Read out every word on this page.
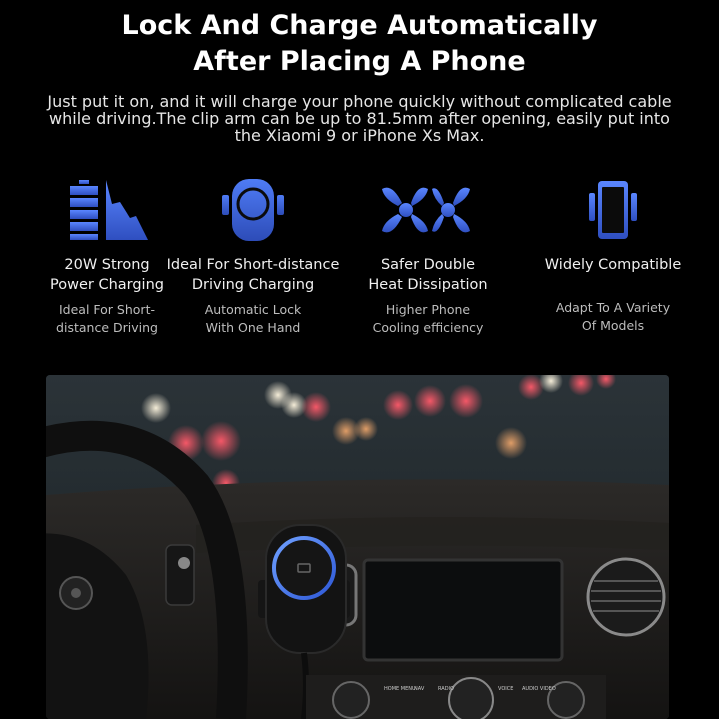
Lock And Charge Automatically
After Placing A Phone
Just put it on, and it will charge your phone quickly without complicated cable
while driving.The clip arm can be up to 81.5mm after opening, easily put into
the Xiaomi 9 or iPhone Xs Max.
20W Strong
Power Charging
Ideal For Short-
distance Driving
Ideal For Short-distance
Driving Charging
Automatic Lock
With One Hand
Safer Double
Heat Dissipation
Higher Phone
Cooling efficiency
Widely Compatible
Adapt To A Variety
Of Models
HOME MENU
NAV	RADIO	VOICE AUDIO VIDEO
